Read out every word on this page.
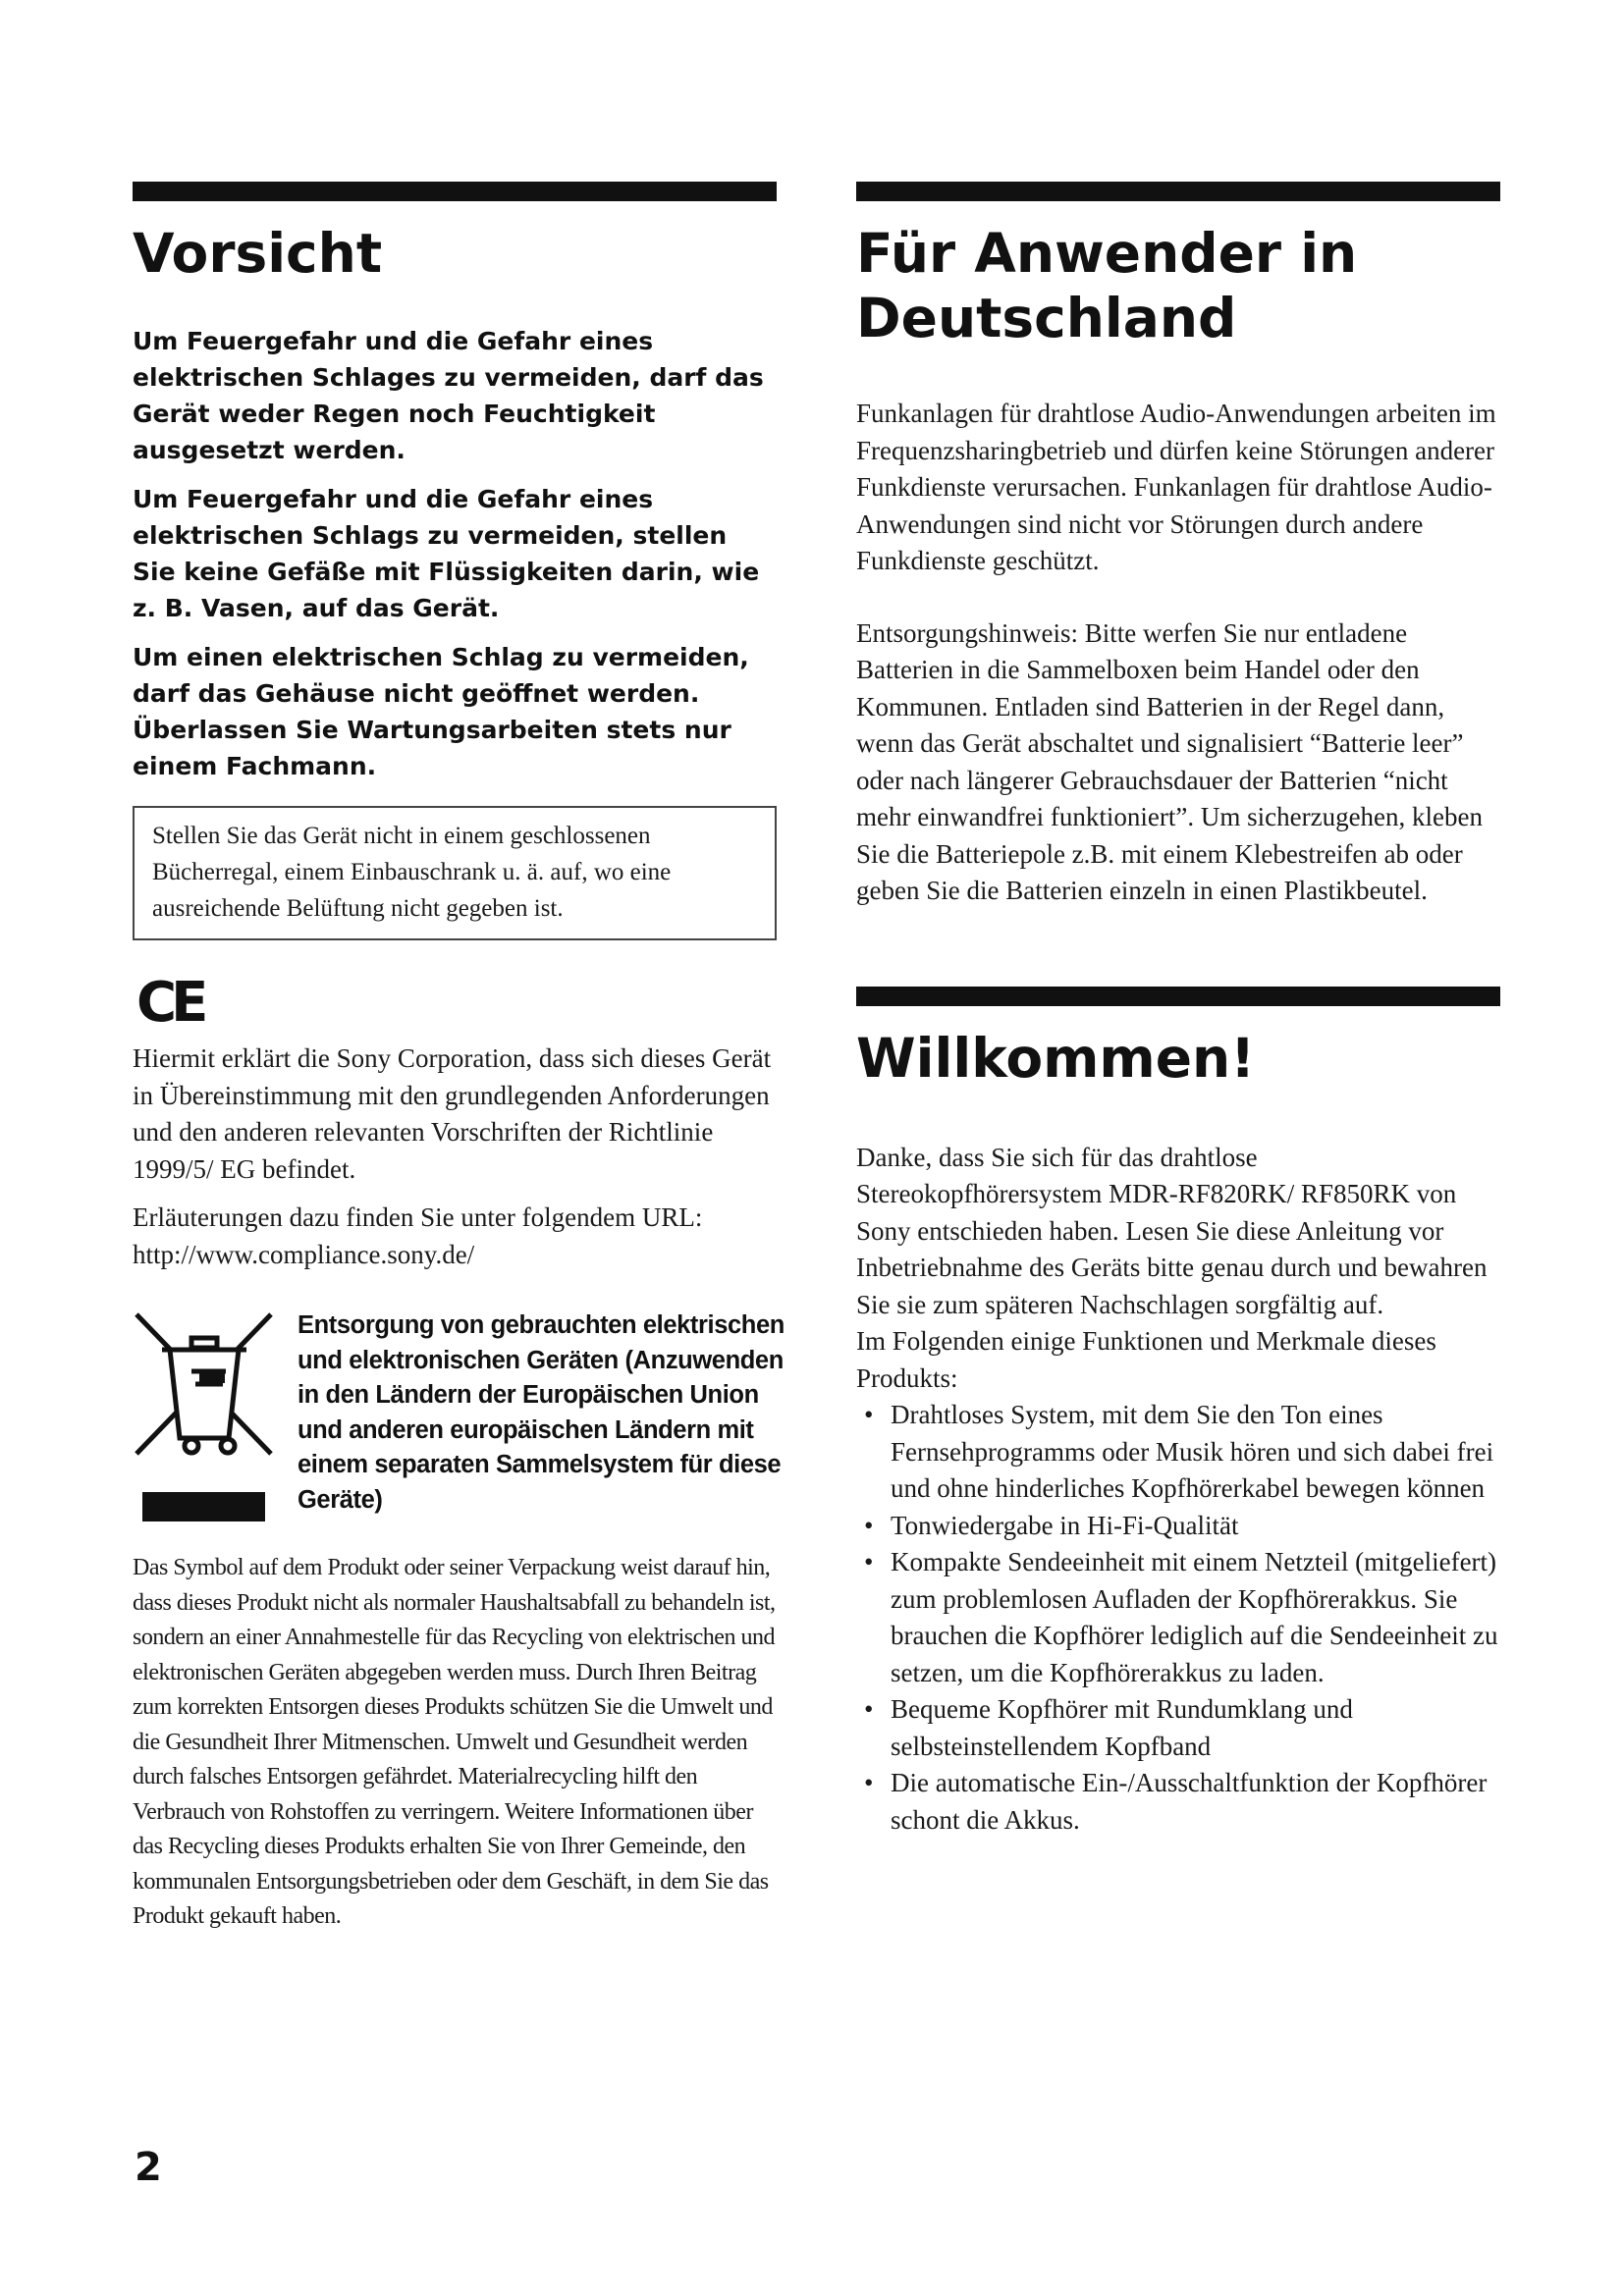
Vorsicht

Um Feuergefahr und die Gefahr eines elektrischen Schlages zu vermeiden, darf das Gerät weder Regen noch Feuchtigkeit ausgesetzt werden.

Um Feuergefahr und die Gefahr eines elektrischen Schlags zu vermeiden, stellen Sie keine Gefäße mit Flüssigkeiten darin, wie z. B. Vasen, auf das Gerät.

Um einen elektrischen Schlag zu vermeiden, darf das Gehäuse nicht geöffnet werden. Überlassen Sie Wartungsarbeiten stets nur einem Fachmann.

Stellen Sie das Gerät nicht in einem geschlossenen Bücherregal, einem Einbauschrank u. ä. auf, wo eine ausreichende Belüftung nicht gegeben ist.
CE

Hiermit erklärt die Sony Corporation, dass sich dieses Gerät in Übereinstimmung mit den grundlegenden Anforderungen und den anderen relevanten Vorschriften der Richtlinie 1999/5/ EG befindet.

Erläuterungen dazu finden Sie unter folgendem URL: http://www.compliance.sony.de/

Entsorgung von gebrauchten elektrischen und elektronischen Geräten (Anzuwenden in den Ländern der Europäischen Union und anderen europäischen Ländern mit einem separaten Sammelsystem für diese Geräte)

Das Symbol auf dem Produkt oder seiner Verpackung weist darauf hin, dass dieses Produkt nicht als normaler Haushaltsabfall zu behandeln ist, sondern an einer Annahmestelle für das Recycling von elektrischen und elektronischen Geräten abgegeben werden muss. Durch Ihren Beitrag zum korrekten Entsorgen dieses Produkts schützen Sie die Umwelt und die Gesundheit Ihrer Mitmenschen. Umwelt und Gesundheit werden durch falsches Entsorgen gefährdet. Materialrecycling hilft den Verbrauch von Rohstoffen zu verringern. Weitere Informationen über das Recycling dieses Produkts erhalten Sie von Ihrer Gemeinde, den kommunalen Entsorgungsbetrieben oder dem Geschäft, in dem Sie das Produkt gekauft haben.

Für Anwender in
Deutschland

Funkanlagen für drahtlose Audio-Anwendungen arbeiten im Frequenzsharingbetrieb und dürfen keine Störungen anderer Funkdienste verursachen. Funkanlagen für drahtlose Audio-Anwendungen sind nicht vor Störungen durch andere Funkdienste geschützt.

Entsorgungshinweis: Bitte werfen Sie nur entladene Batterien in die Sammelboxen beim Handel oder den Kommunen. Entladen sind Batterien in der Regel dann, wenn das Gerät abschaltet und signalisiert “Batterie leer” oder nach längerer Gebrauchsdauer der Batterien “nicht mehr einwandfrei funktioniert”. Um sicherzugehen, kleben Sie die Batteriepole z.B. mit einem Klebestreifen ab oder geben Sie die Batterien einzeln in einen Plastikbeutel.

Willkommen!

Danke, dass Sie sich für das drahtlose Stereokopfhörersystem MDR-RF820RK/ RF850RK von Sony entschieden haben. Lesen Sie diese Anleitung vor Inbetriebnahme des Geräts bitte genau durch und bewahren Sie sie zum späteren Nachschlagen sorgfältig auf.

Im Folgenden einige Funktionen und Merkmale dieses Produkts:

• Drahtloses System, mit dem Sie den Ton eines Fernsehprogramms oder Musik hören und sich dabei frei und ohne hinderliches Kopfhörerkabel bewegen können
• Tonwiedergabe in Hi-Fi-Qualität
• Kompakte Sendeeinheit mit einem Netzteil (mitgeliefert) zum problemlosen Aufladen der Kopfhörerakkus. Sie brauchen die Kopfhörer lediglich auf die Sendeeinheit zu setzen, um die Kopfhörerakkus zu laden.
• Bequeme Kopfhörer mit Rundumklang und selbsteinstellendem Kopfband
• Die automatische Ein-/Ausschaltfunktion der Kopfhörer schont die Akkus.
2
